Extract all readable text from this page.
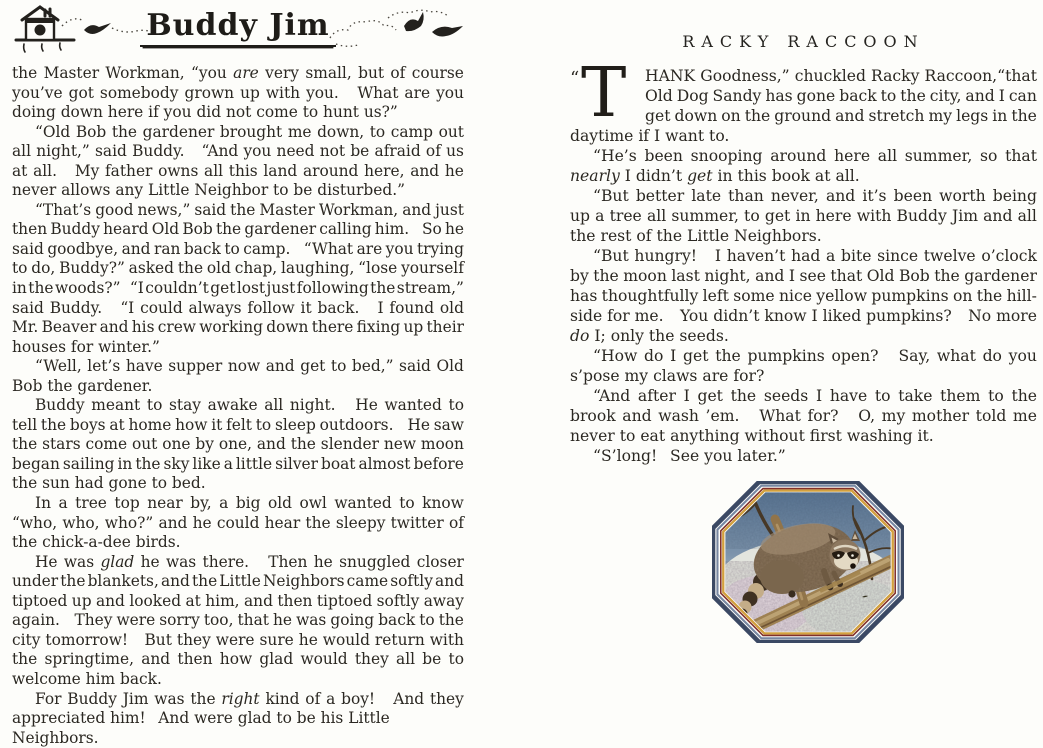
Buddy Jim
the Master Workman, “you are very small, but of course
you’ve got somebody grown up with you. What are you
doing down here if you did not come to hunt us?”
“Old Bob the gardener brought me down, to camp out
all night,” said Buddy. “And you need not be afraid of us
at all. My father owns all this land around here, and he
never allows any Little Neighbor to be disturbed.”
“That’s good news,” said the Master Workman, and just
then Buddy heard Old Bob the gardener calling him. So he
said goodbye, and ran back to camp. “What are you trying
to do, Buddy?” asked the old chap, laughing, “lose yourself
in the woods?” “I couldn’t get lost just following the stream,”
said Buddy. “I could always follow it back. I found old
Mr. Beaver and his crew working down there fixing up their
houses for winter.”
“Well, let’s have supper now and get to bed,” said Old
Bob the gardener.
Buddy meant to stay awake all night. He wanted to
tell the boys at home how it felt to sleep outdoors. He saw
the stars come out one by one, and the slender new moon
began sailing in the sky like a little silver boat almost before
the sun had gone to bed.
In a tree top near by, a big old owl wanted to know
“who, who, who?” and he could hear the sleepy twitter of
the chick-a-dee birds.
He was glad he was there. Then he snuggled closer
under the blankets, and the Little Neighbors came softly and
tiptoed up and looked at him, and then tiptoed softly away
again. They were sorry too, that he was going back to the
city tomorrow! But they were sure he would return with
the springtime, and then how glad would they all be to
welcome him back.
For Buddy Jim was the right kind of a boy! And they
appreciated him!  And were glad to be his Little Neighbors.
RACKY RACCOON
“ T HANK Goodness,” chuckled Racky Raccoon,“that
Old Dog Sandy has gone back to the city, and I can
get down on the ground and stretch my legs in the
daytime if I want to.
“He’s been snooping around here all summer, so that
nearly I didn’t get in this book at all.
“But better late than never, and it’s been worth being
up a tree all summer, to get in here with Buddy Jim and all
the rest of the Little Neighbors.
“But hungry! I haven’t had a bite since twelve o’clock
by the moon last night, and I see that Old Bob the gardener
has thoughtfully left some nice yellow pumpkins on the hill-
side for me. You didn’t know I liked pumpkins? No more
do I; only the seeds.
“How do I get the pumpkins open? Say, what do you
s’pose my claws are for?
“And after I get the seeds I have to take them to the
brook and wash ’em. What for? O, my mother told me
never to eat anything without first washing it.
“S’long!  See you later.”
